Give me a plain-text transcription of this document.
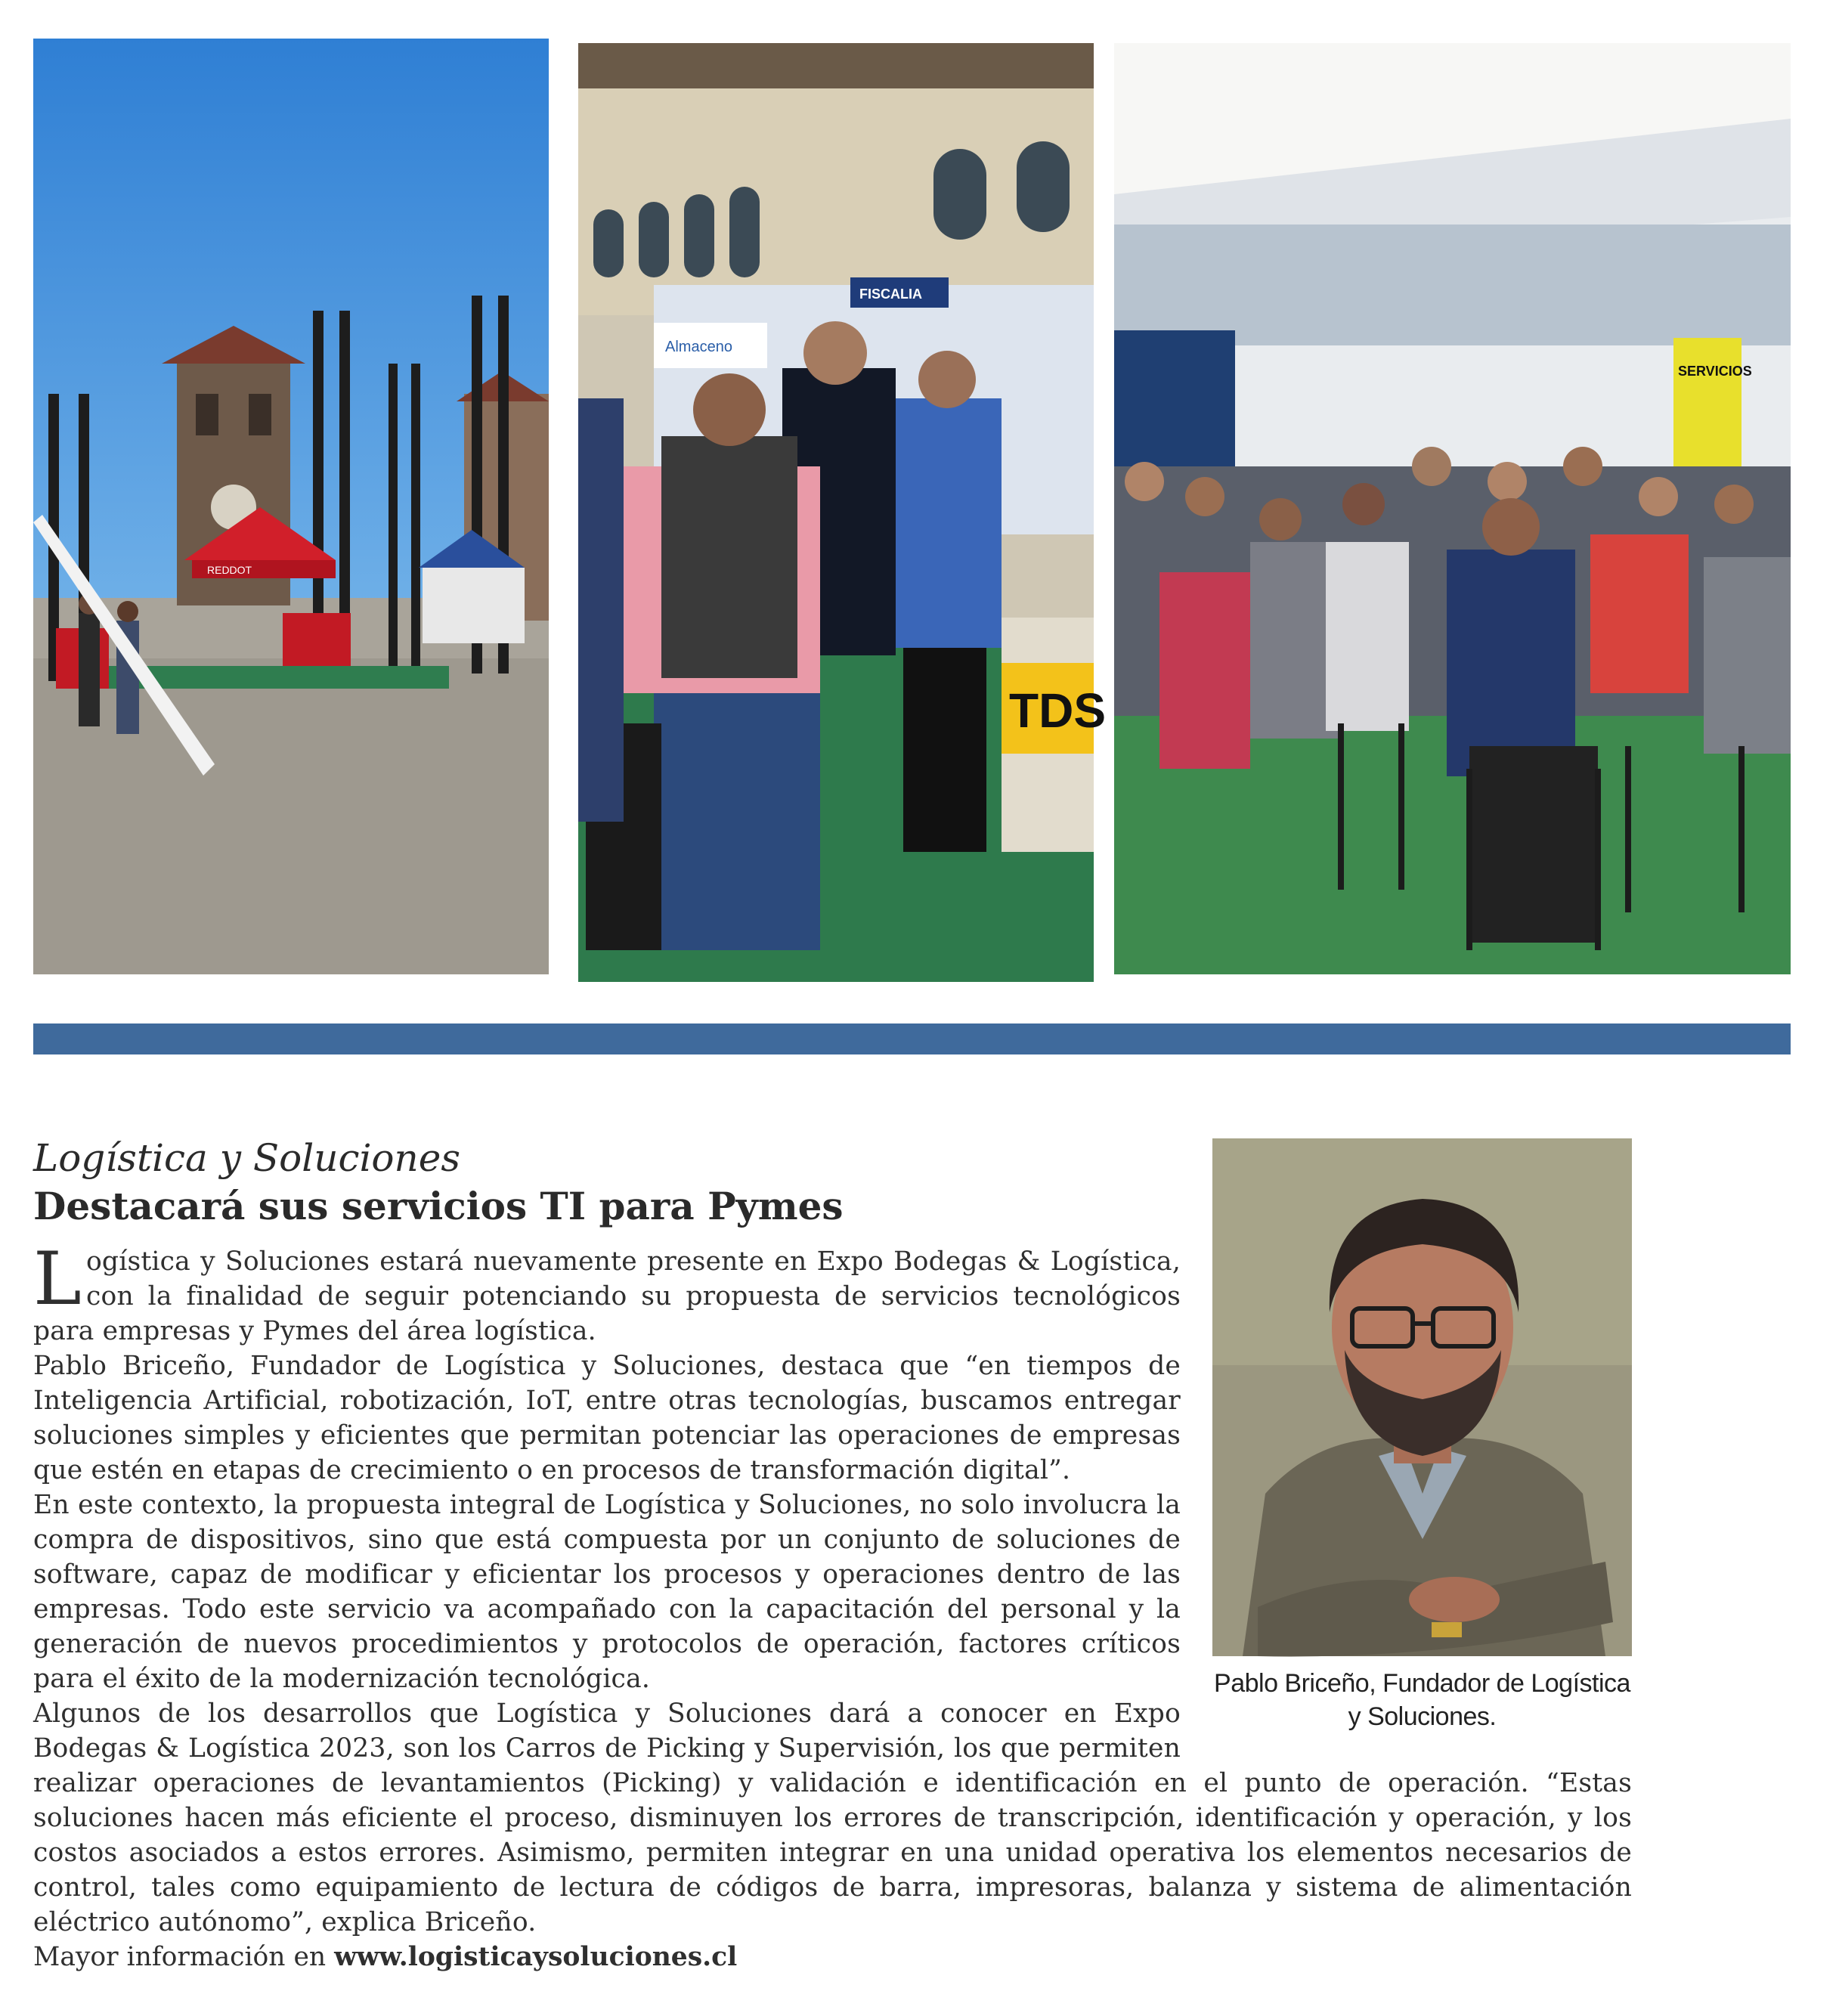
REDDOT
FISCALIA
Almaceno
TDS
SERVICIOS

Pablo Briceño, Fundador de Logística y Soluciones.

Logística y Soluciones

Destacará sus servicios TI para Pymes

Logística y Soluciones estará nuevamente presente en Expo Bodegas & Logística, con la finalidad de seguir potenciando su propuesta de servicios tecnológicos para empresas y Pymes del área logística.

Pablo Briceño, Fundador de Logística y Soluciones, destaca que “en tiempos de Inteligencia Artificial, robotización, IoT, entre otras tecnologías, buscamos entregar soluciones simples y eficientes que permitan potenciar las operaciones de empresas que estén en etapas de crecimiento o en procesos de transformación digital”.

En este contexto, la propuesta integral de Logística y Soluciones, no solo involucra la compra de dispositivos, sino que está compuesta por un conjunto de soluciones de software, capaz de modificar y eficientar los procesos y operaciones dentro de las empresas. Todo este servicio va acompañado con la capacitación del personal y la generación de nuevos procedimientos y protocolos de operación, factores críticos para el éxito de la modernización tecnológica.

Algunos de los desarrollos que Logística y Soluciones dará a conocer en Expo Bodegas & Logística 2023, son los Carros de Picking y Supervisión, los que permiten realizar operaciones de levantamientos (Picking) y validación e identificación en el punto de operación. “Estas soluciones hacen más eficiente el proceso, disminuyen los errores de transcripción, identificación y operación, y los costos asociados a estos errores. Asimismo, permiten integrar en una unidad operativa los elementos necesarios de control, tales como equipamiento de lectura de códigos de barra, impresoras, balanza y sistema de alimentación eléctrico autónomo”, explica Briceño.

Mayor información en www.logisticaysoluciones.cl
